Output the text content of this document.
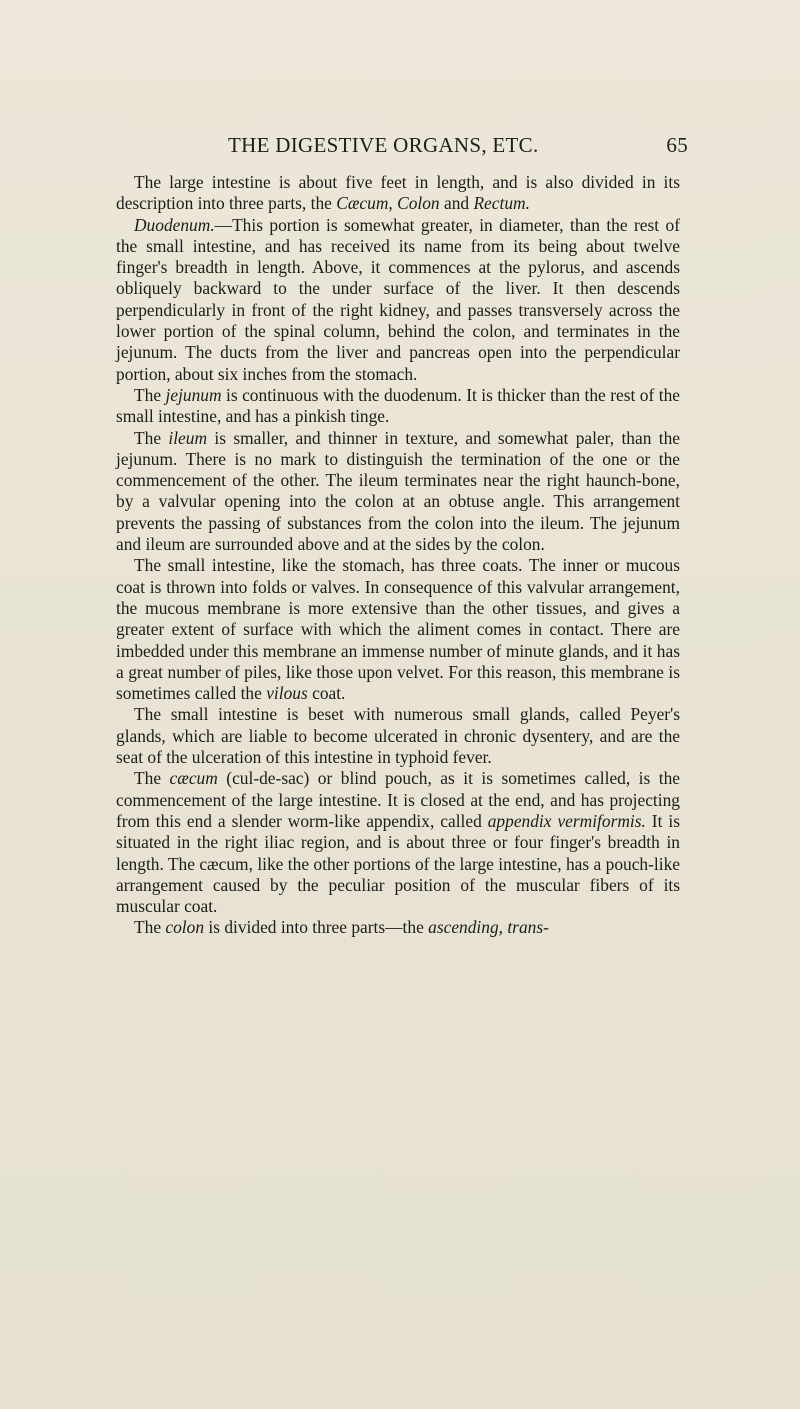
THE DIGESTIVE ORGANS, ETC.	65

The large intestine is about five feet in length, and is also divided in its description into three parts, the Cæcum, Colon and Rectum.

Duodenum.—This portion is somewhat greater, in diameter, than the rest of the small intestine, and has received its name from its being about twelve finger's breadth in length. Above, it commences at the pylorus, and ascends obliquely backward to the under surface of the liver. It then descends perpendicularly in front of the right kidney, and passes transversely across the lower portion of the spinal column, behind the colon, and terminates in the jejunum. The ducts from the liver and pancreas open into the perpendicular portion, about six inches from the stomach.

The jejunum is continuous with the duodenum. It is thicker than the rest of the small intestine, and has a pinkish tinge.

The ileum is smaller, and thinner in texture, and somewhat paler, than the jejunum. There is no mark to distinguish the termination of the one or the commencement of the other. The ileum terminates near the right haunch-bone, by a valvular opening into the colon at an obtuse angle. This arrangement prevents the passing of substances from the colon into the ileum. The jejunum and ileum are surrounded above and at the sides by the colon.

The small intestine, like the stomach, has three coats. The inner or mucous coat is thrown into folds or valves. In consequence of this valvular arrangement, the mucous membrane is more extensive than the other tissues, and gives a greater extent of surface with which the aliment comes in contact. There are imbedded under this membrane an immense number of minute glands, and it has a great number of piles, like those upon velvet. For this reason, this membrane is sometimes called the vilous coat.

The small intestine is beset with numerous small glands, called Peyer's glands, which are liable to become ulcerated in chronic dysentery, and are the seat of the ulceration of this intestine in typhoid fever.

The cæcum (cul-de-sac) or blind pouch, as it is sometimes called, is the commencement of the large intestine. It is closed at the end, and has projecting from this end a slender worm-like appendix, called appendix vermiformis. It is situated in the right iliac region, and is about three or four finger's breadth in length. The cæcum, like the other portions of the large intestine, has a pouch-like arrangement caused by the peculiar position of the muscular fibers of its muscular coat.

The colon is divided into three parts—the ascending, trans-
